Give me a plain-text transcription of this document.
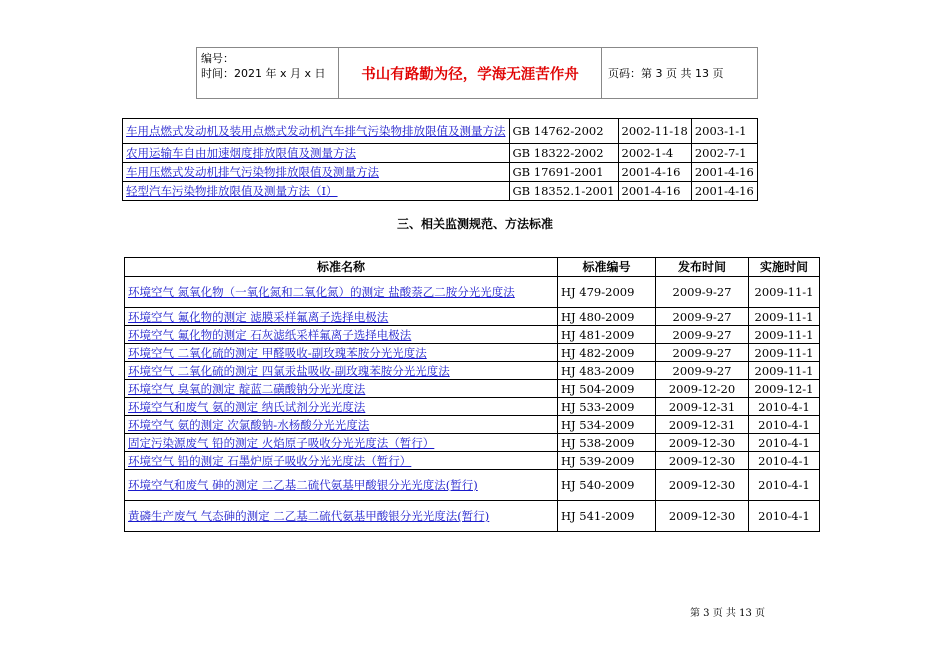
编号：
时间：2021 年 x 月 x 日	书山有路勤为径，学海无涯苦作舟	页码：第 3 页 共 13 页
车用点燃式发动机及装用点燃式发动机汽车排气污染物排放限值及测量方法	GB 14762-2002	2002-11-18	2003-1-1
农用运输车自由加速烟度排放限值及测量方法	GB 18322-2002	2002-1-4	2002-7-1
车用压燃式发动机排气污染物排放限值及测量方法	GB 17691-2001	2001-4-16	2001-4-16
轻型汽车污染物排放限值及测量方法（Ⅰ）	GB 18352.1-2001	2001-4-16	2001-4-16
三、相关监测规范、方法标准
标准名称	标准编号	发布时间	实施时间
环境空气 氮氧化物（一氧化氮和二氧化氮）的测定 盐酸萘乙二胺分光光度法	HJ 479-2009	2009-9-27	2009-11-1
环境空气 氟化物的测定 滤膜采样氟离子选择电极法	HJ 480-2009	2009-9-27	2009-11-1
环境空气 氟化物的测定 石灰滤纸采样氟离子选择电极法	HJ 481-2009	2009-9-27	2009-11-1
环境空气 二氧化硫的测定 甲醛吸收-副玫瑰苯胺分光光度法	HJ 482-2009	2009-9-27	2009-11-1
环境空气 二氧化硫的测定 四氯汞盐吸收-副玫瑰苯胺分光光度法	HJ 483-2009	2009-9-27	2009-11-1
环境空气 臭氧的测定 靛蓝二磺酸钠分光光度法	HJ 504-2009	2009-12-20	2009-12-1
环境空气和废气 氨的测定 纳氏试剂分光光度法	HJ 533-2009	2009-12-31	2010-4-1
环境空气 氨的测定 次氯酸钠-水杨酸分光光度法	HJ 534-2009	2009-12-31	2010-4-1
固定污染源废气 铅的测定 火焰原子吸收分光光度法（暂行）	HJ 538-2009	2009-12-30	2010-4-1
环境空气 铅的测定 石墨炉原子吸收分光光度法（暂行）	HJ 539-2009	2009-12-30	2010-4-1
环境空气和废气 砷的测定 二乙基二硫代氨基甲酸银分光光度法(暂行)	HJ 540-2009	2009-12-30	2010-4-1
黄磷生产废气 气态砷的测定 二乙基二硫代氨基甲酸银分光光度法(暂行)	HJ 541-2009	2009-12-30	2010-4-1
第 3 页 共 13 页
